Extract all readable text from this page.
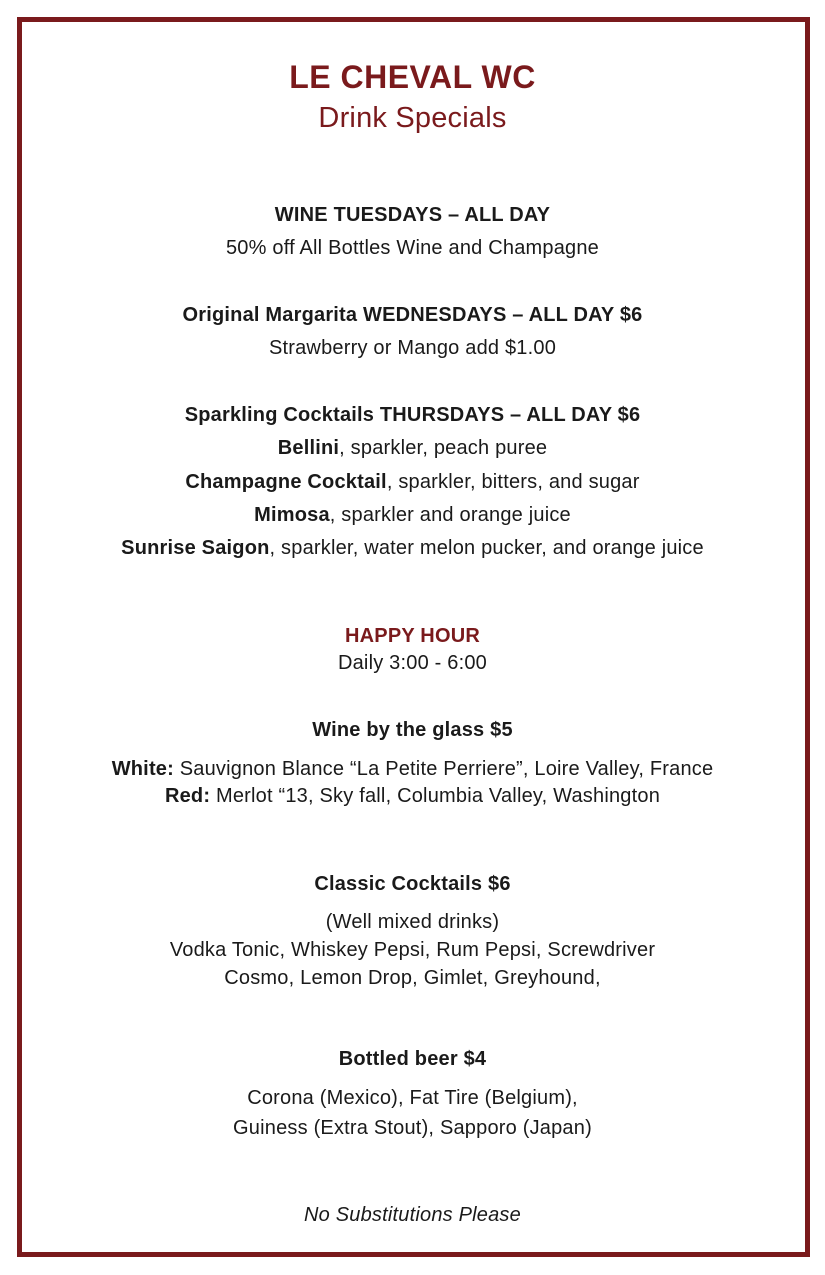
LE CHEVAL WC
Drink Specials
WINE TUESDAYS – ALL DAY
50% off All Bottles Wine and Champagne
Original Margarita WEDNESDAYS – ALL DAY $6
Strawberry or Mango add $1.00
Sparkling Cocktails THURSDAYS – ALL DAY $6
Bellini, sparkler, peach puree
Champagne Cocktail, sparkler, bitters, and sugar
Mimosa, sparkler and orange juice
Sunrise Saigon, sparkler, water melon pucker, and orange juice
HAPPY HOUR
Daily 3:00 - 6:00
Wine by the glass $5
White: Sauvignon Blance “La Petite Perriere”, Loire Valley, France
Red: Merlot “13, Sky fall, Columbia Valley, Washington
Classic Cocktails $6
(Well mixed drinks)
Vodka Tonic, Whiskey Pepsi, Rum Pepsi, Screwdriver
Cosmo, Lemon Drop, Gimlet, Greyhound,
Bottled beer $4
Corona (Mexico), Fat Tire (Belgium),
Guiness (Extra Stout), Sapporo (Japan)
No Substitutions Please
